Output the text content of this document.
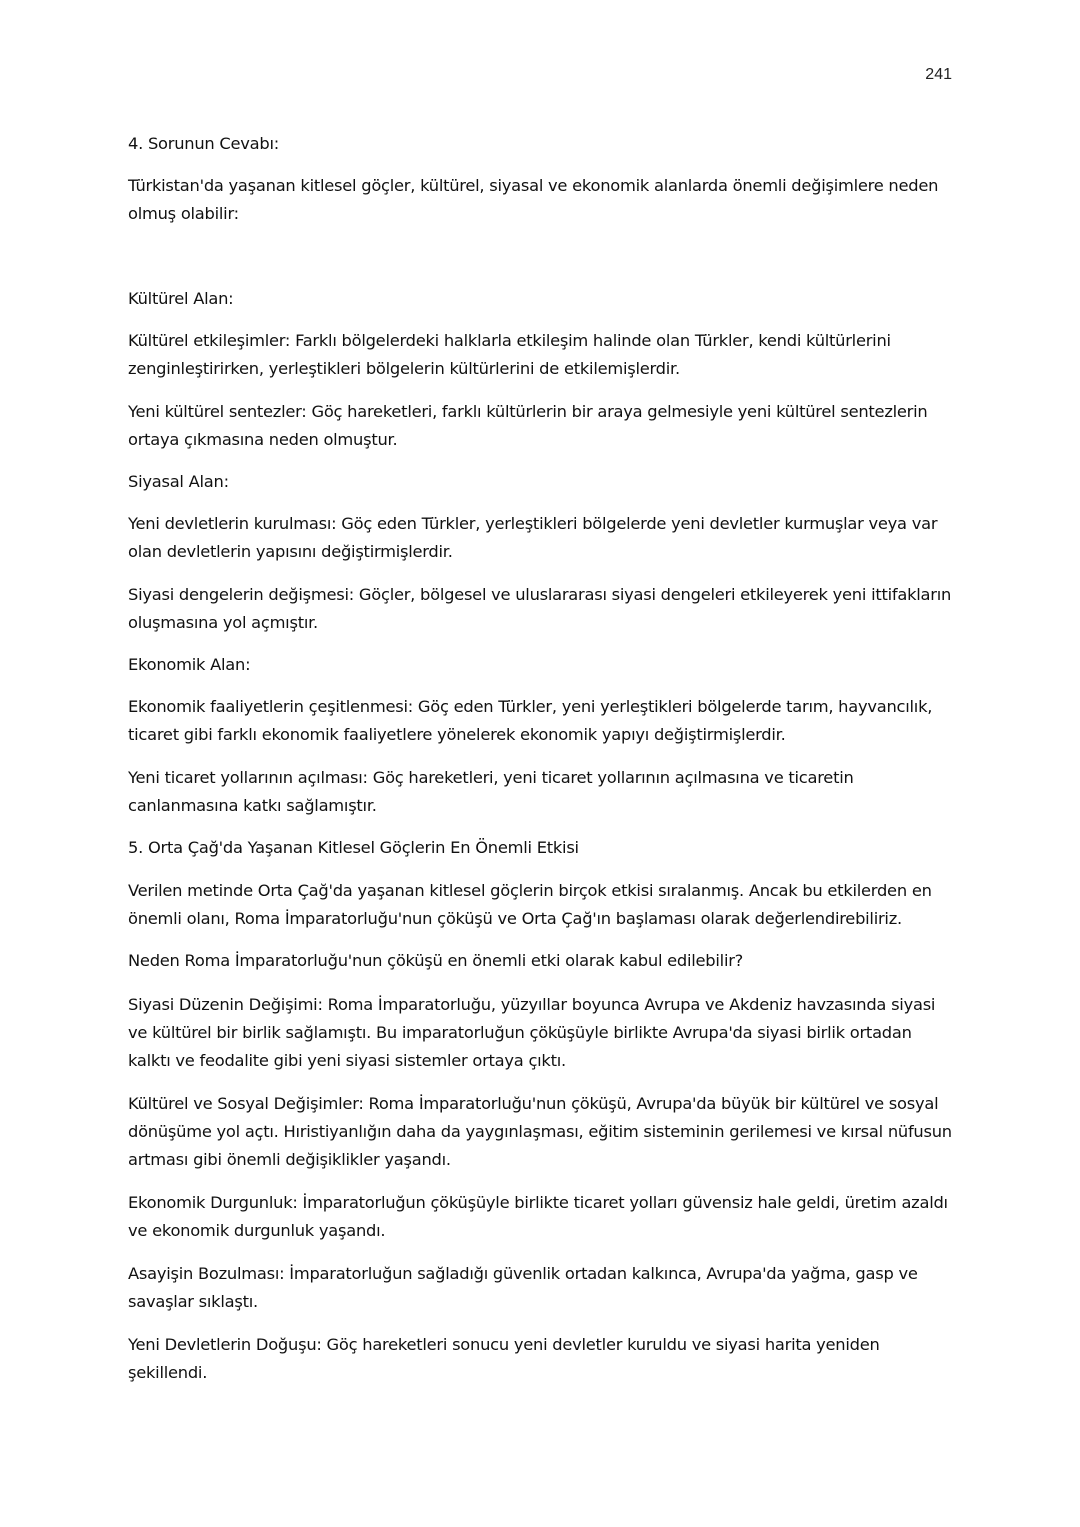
241

4. Sorunun Cevabı:

Türkistan'da yaşanan kitlesel göçler, kültürel, siyasal ve ekonomik alanlarda önemli değişimlere neden olmuş olabilir:

Kültürel Alan:

Kültürel etkileşimler: Farklı bölgelerdeki halklarla etkileşim halinde olan Türkler, kendi kültürlerini zenginleştirirken, yerleştikleri bölgelerin kültürlerini de etkilemişlerdir.

Yeni kültürel sentezler: Göç hareketleri, farklı kültürlerin bir araya gelmesiyle yeni kültürel sentezlerin ortaya çıkmasına neden olmuştur.

Siyasal Alan:

Yeni devletlerin kurulması: Göç eden Türkler, yerleştikleri bölgelerde yeni devletler kurmuşlar veya var olan devletlerin yapısını değiştirmişlerdir.

Siyasi dengelerin değişmesi: Göçler, bölgesel ve uluslararası siyasi dengeleri etkileyerek yeni ittifakların oluşmasına yol açmıştır.

Ekonomik Alan:

Ekonomik faaliyetlerin çeşitlenmesi: Göç eden Türkler, yeni yerleştikleri bölgelerde tarım, hayvancılık, ticaret gibi farklı ekonomik faaliyetlere yönelerek ekonomik yapıyı değiştirmişlerdir.

Yeni ticaret yollarının açılması: Göç hareketleri, yeni ticaret yollarının açılmasına ve ticaretin canlanmasına katkı sağlamıştır.

5. Orta Çağ'da Yaşanan Kitlesel Göçlerin En Önemli Etkisi

Verilen metinde Orta Çağ'da yaşanan kitlesel göçlerin birçok etkisi sıralanmış. Ancak bu etkilerden en önemli olanı, Roma İmparatorluğu'nun çöküşü ve Orta Çağ'ın başlaması olarak değerlendirebiliriz.

Neden Roma İmparatorluğu'nun çöküşü en önemli etki olarak kabul edilebilir?

Siyasi Düzenin Değişimi: Roma İmparatorluğu, yüzyıllar boyunca Avrupa ve Akdeniz havzasında siyasi ve kültürel bir birlik sağlamıştı. Bu imparatorluğun çöküşüyle birlikte Avrupa'da siyasi birlik ortadan kalktı ve feodalite gibi yeni siyasi sistemler ortaya çıktı.

Kültürel ve Sosyal Değişimler: Roma İmparatorluğu'nun çöküşü, Avrupa'da büyük bir kültürel ve sosyal dönüşüme yol açtı. Hıristiyanlığın daha da yaygınlaşması, eğitim sisteminin gerilemesi ve kırsal nüfusun artması gibi önemli değişiklikler yaşandı.

Ekonomik Durgunluk: İmparatorluğun çöküşüyle birlikte ticaret yolları güvensiz hale geldi, üretim azaldı ve ekonomik durgunluk yaşandı.

Asayişin Bozulması: İmparatorluğun sağladığı güvenlik ortadan kalkınca, Avrupa'da yağma, gasp ve savaşlar sıklaştı.

Yeni Devletlerin Doğuşu: Göç hareketleri sonucu yeni devletler kuruldu ve siyasi harita yeniden şekillendi.
